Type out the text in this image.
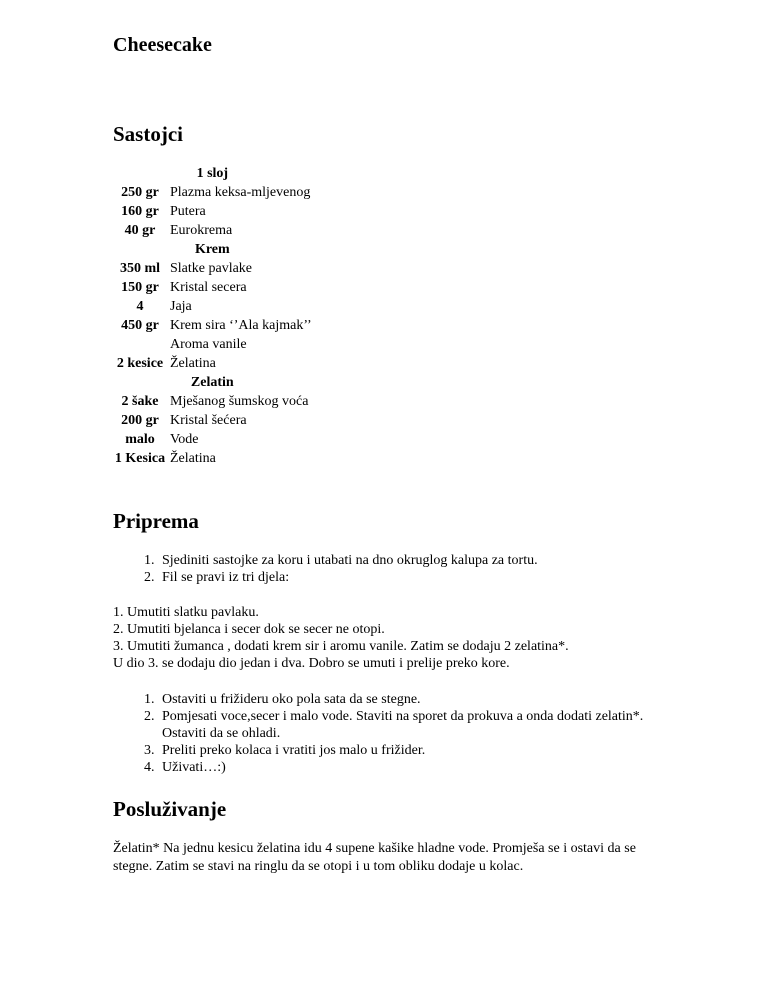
Cheesecake
Sastojci
1 sloj	
250 gr	Plazma keksa-mljevenog
160 gr	Putera
40 gr	Eurokrema
Krem	
350 ml	Slatke pavlake
150 gr	Kristal secera
4	Jaja
450 gr	Krem sira ‘’Ala kajmak’’
	Aroma vanile
2 kesice	Želatina
Zelatin	
2 šake	Mješanog šumskog voća
200 gr	Kristal šećera
malo	Vode
1 Kesica	Želatina
Priprema
1. Sjediniti sastojke za koru i utabati na dno okruglog kalupa za tortu.
2. Fil se pravi iz tri djela:
1. Umutiti slatku pavlaku.
2. Umutiti bjelanca i secer dok se secer ne otopi.
3. Umutiti žumanca , dodati krem sir i aromu vanile. Zatim se dodaju 2 zelatina*.
U dio 3. se dodaju dio jedan i dva. Dobro se umuti i prelije preko kore.
1. Ostaviti u frižideru oko pola sata da se stegne.
2. Pomjesati voce,secer i malo vode. Staviti na sporet da prokuva a onda dodati zelatin*. Ostaviti da se ohladi.
3. Preliti preko kolaca i vratiti jos malo u frižider.
4. Uživati…:)
Posluživanje

Želatin* Na jednu kesicu želatina idu 4 supene kašike hladne vode. Promješa se i ostavi da se stegne. Zatim se stavi na ringlu da se otopi i u tom obliku dodaje u kolac.
